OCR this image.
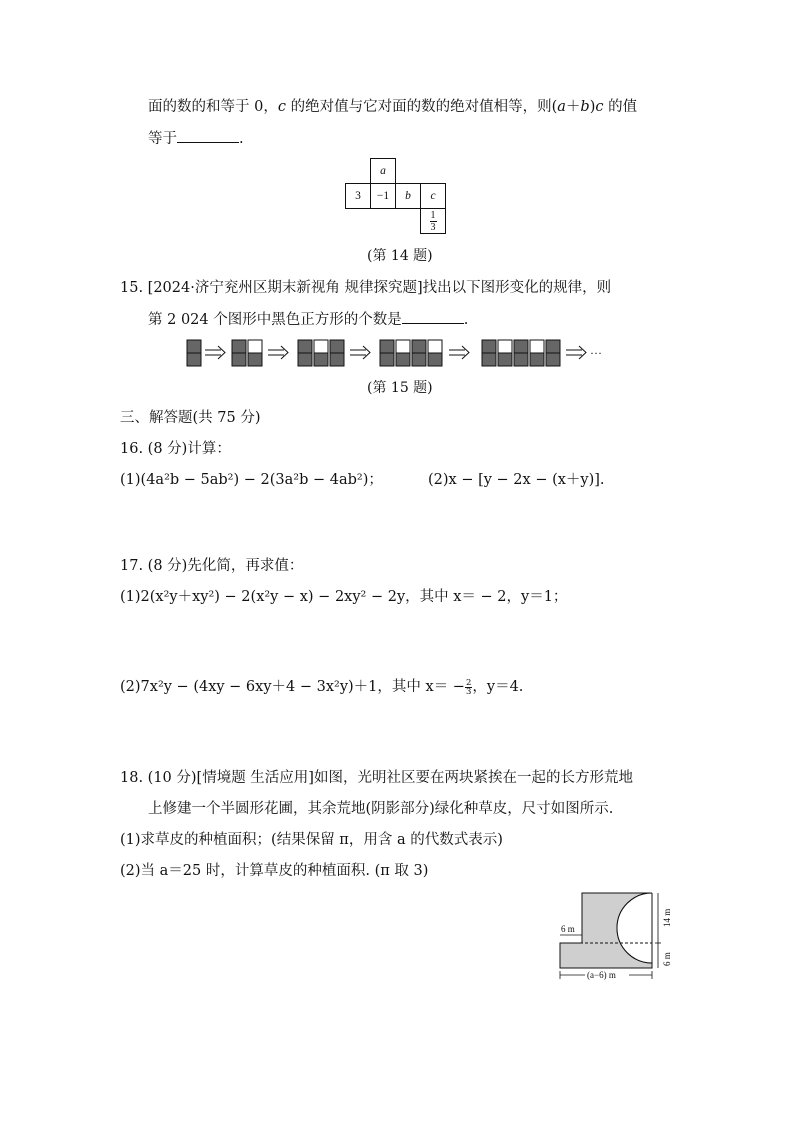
面的数的和等于 0，c 的绝对值与它对面的数的绝对值相等，则(a＋b)c 的值
等于	.
	a		
3	−1	b	c

			$\frac{1}{3}$
(第 14 题)
15. [2024·济宁兖州区期末新视角 规律探究题]找出以下图形变化的规律，则
第 2 024 个图形中黑色正方形的个数是	.
···
(第 15 题)
三、解答题(共 75 分)
16. (8 分)计算：
(1)(4a²b − 5ab²) − 2(3a²b − 4ab²)；	(2)x − [y − 2x − (x＋y)].
17. (8 分)先化简，再求值：
(1)2(x²y＋xy²) − 2(x²y − x) − 2xy² − 2y，其中 x＝ − 2，y＝1；
(2)7x²y − (4xy − 6xy＋4 − 3x²y)＋1，其中 $x= - \frac{2}{3}$ ，y＝4.
18. (10 分)[情境题 生活应用]如图，光明社区要在两块紧挨在一起的长方形荒地
上修建一个半圆形花圃，其余荒地(阴影部分)绿化种草皮，尺寸如图所示.
(1)求草皮的种植面积；(结果保留 π，用含 a 的代数式表示)
(2)当 a＝25 时，计算草皮的种植面积. (π 取 3)
6 m
14 m
6 m
(a−6) m
